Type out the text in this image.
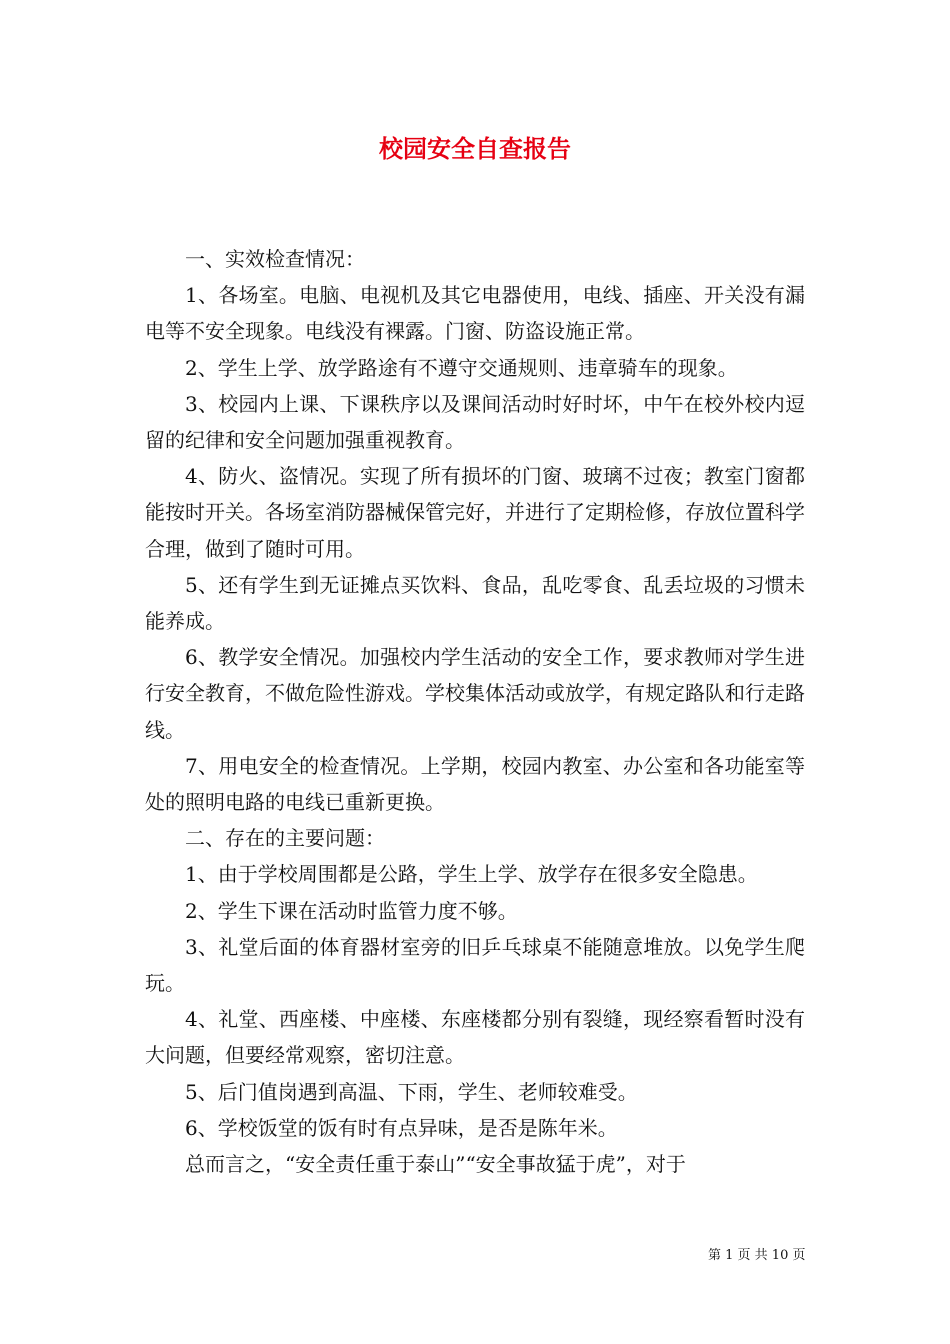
校园安全自查报告

一、实效检查情况：

1、各场室。电脑、电视机及其它电器使用，电线、插座、开关没有漏电等不安全现象。电线没有裸露。门窗、防盗设施正常。

2、学生上学、放学路途有不遵守交通规则、违章骑车的现象。

3、校园内上课、下课秩序以及课间活动时好时坏，中午在校外校内逗留的纪律和安全问题加强重视教育。

4、防火、盗情况。实现了所有损坏的门窗、玻璃不过夜；教室门窗都能按时开关。各场室消防器械保管完好，并进行了定期检修，存放位置科学合理，做到了随时可用。

5、还有学生到无证摊点买饮料、食品，乱吃零食、乱丢垃圾的习惯未能养成。

6、教学安全情况。加强校内学生活动的安全工作，要求教师对学生进行安全教育，不做危险性游戏。学校集体活动或放学，有规定路队和行走路线。

7、用电安全的检查情况。上学期，校园内教室、办公室和各功能室等处的照明电路的电线已重新更换。

二、存在的主要问题：

1、由于学校周围都是公路，学生上学、放学存在很多安全隐患。

2、学生下课在活动时监管力度不够。

3、礼堂后面的体育器材室旁的旧乒乓球桌不能随意堆放。以免学生爬玩。

4、礼堂、西座楼、中座楼、东座楼都分别有裂缝，现经察看暂时没有大问题，但要经常观察，密切注意。

5、后门值岗遇到高温、下雨，学生、老师较难受。

6、学校饭堂的饭有时有点异味，是否是陈年米。

总而言之，“安全责任重于泰山”“安全事故猛于虎”，对于

第 1 页 共 10 页
